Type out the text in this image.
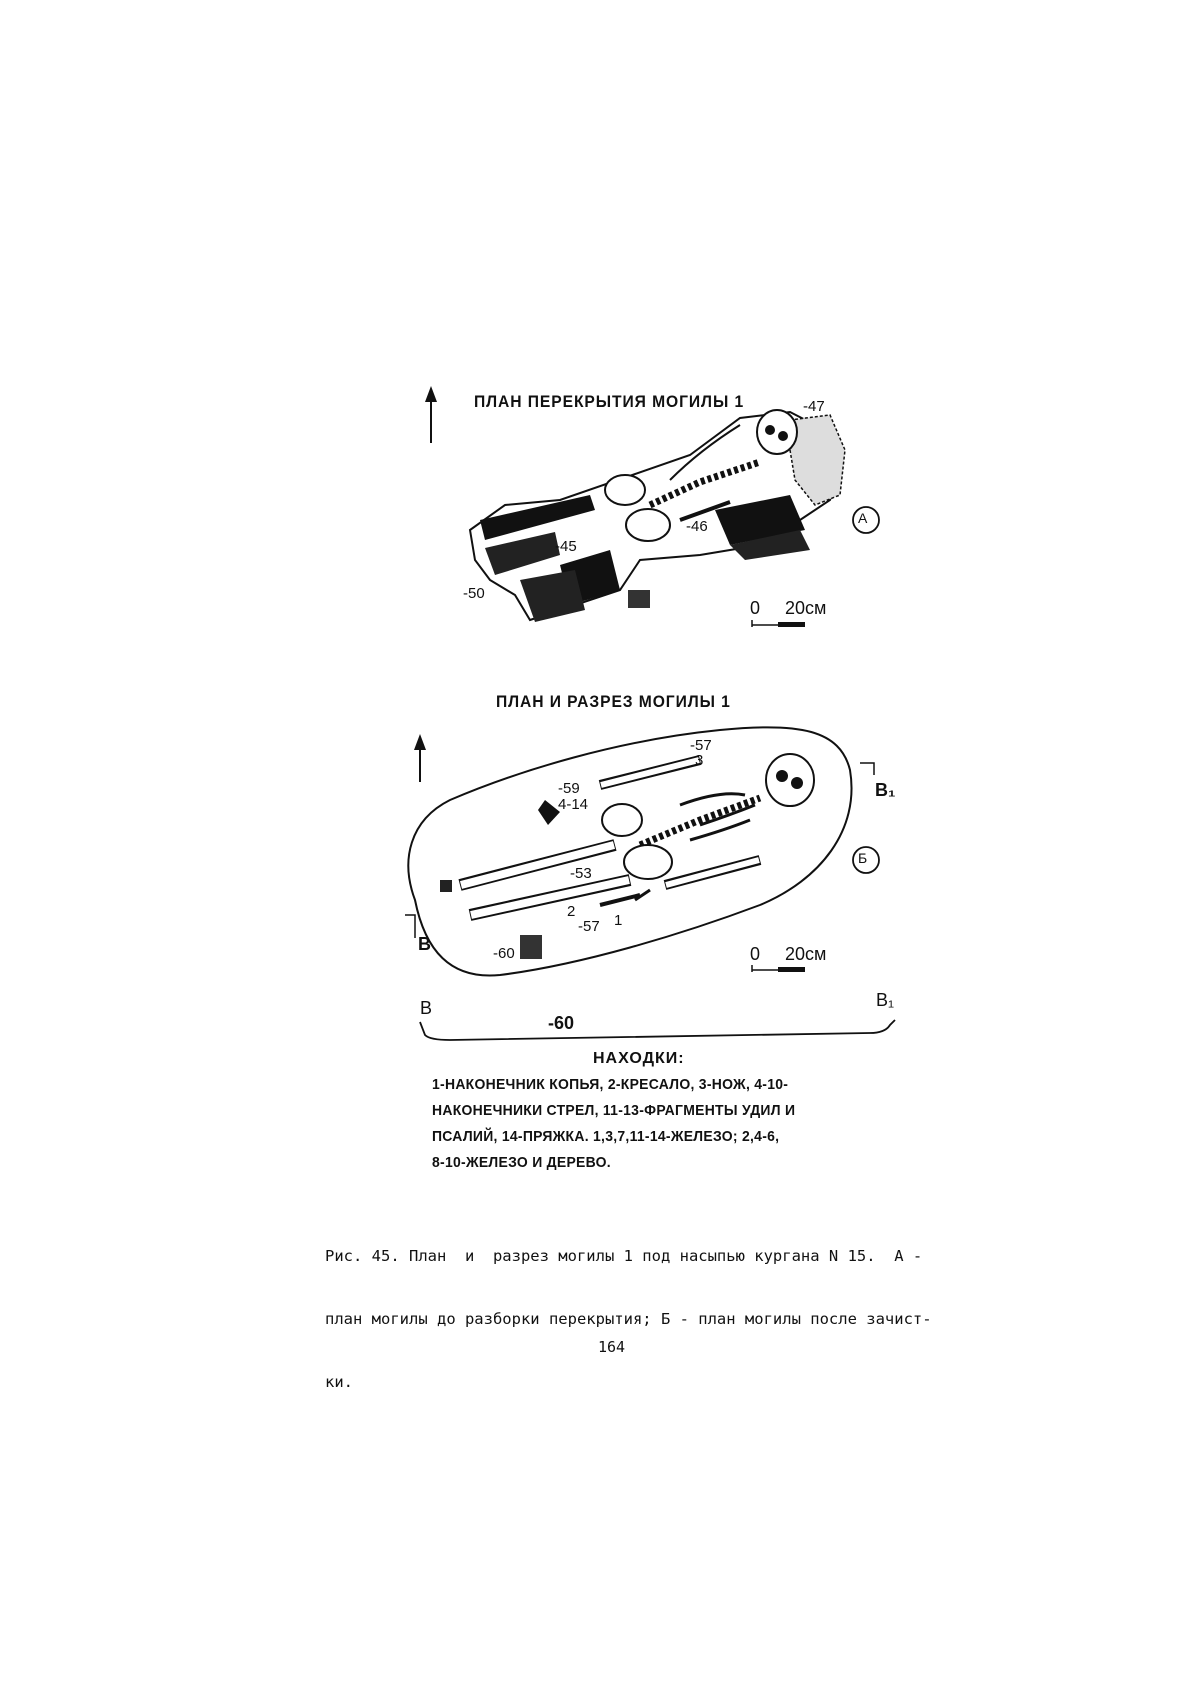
ПЛАН ПЕРЕКРЫТИЯ МОГИЛЫ 1	-47
-45
-46
-50
А
0 20см
ПЛАН И РАЗРЕЗ МОГИЛЫ 1
-57
3
-59
4-14
-53
2
-57 1
-60
В
В₁
Б
0 20см
В	В₁
-60
НАХОДКИ:
1-НАКОНЕЧНИК КОПЬЯ, 2-КРЕСАЛО, 3-НОЖ, 4-10-
НАКОНЕЧНИКИ СТРЕЛ, 11-13-ФРАГМЕНТЫ УДИЛ И
ПСАЛИЙ, 14-ПРЯЖКА. 1,3,7,11-14-ЖЕЛЕЗО; 2,4-6,
8-10-ЖЕЛЕЗО И ДЕРЕВО.

Рис. 45. План  и  разрез могилы 1 под насыпью кургана N 15.  А -

план могилы до разборки перекрытия; Б - план могилы после зачист-

ки.

164
